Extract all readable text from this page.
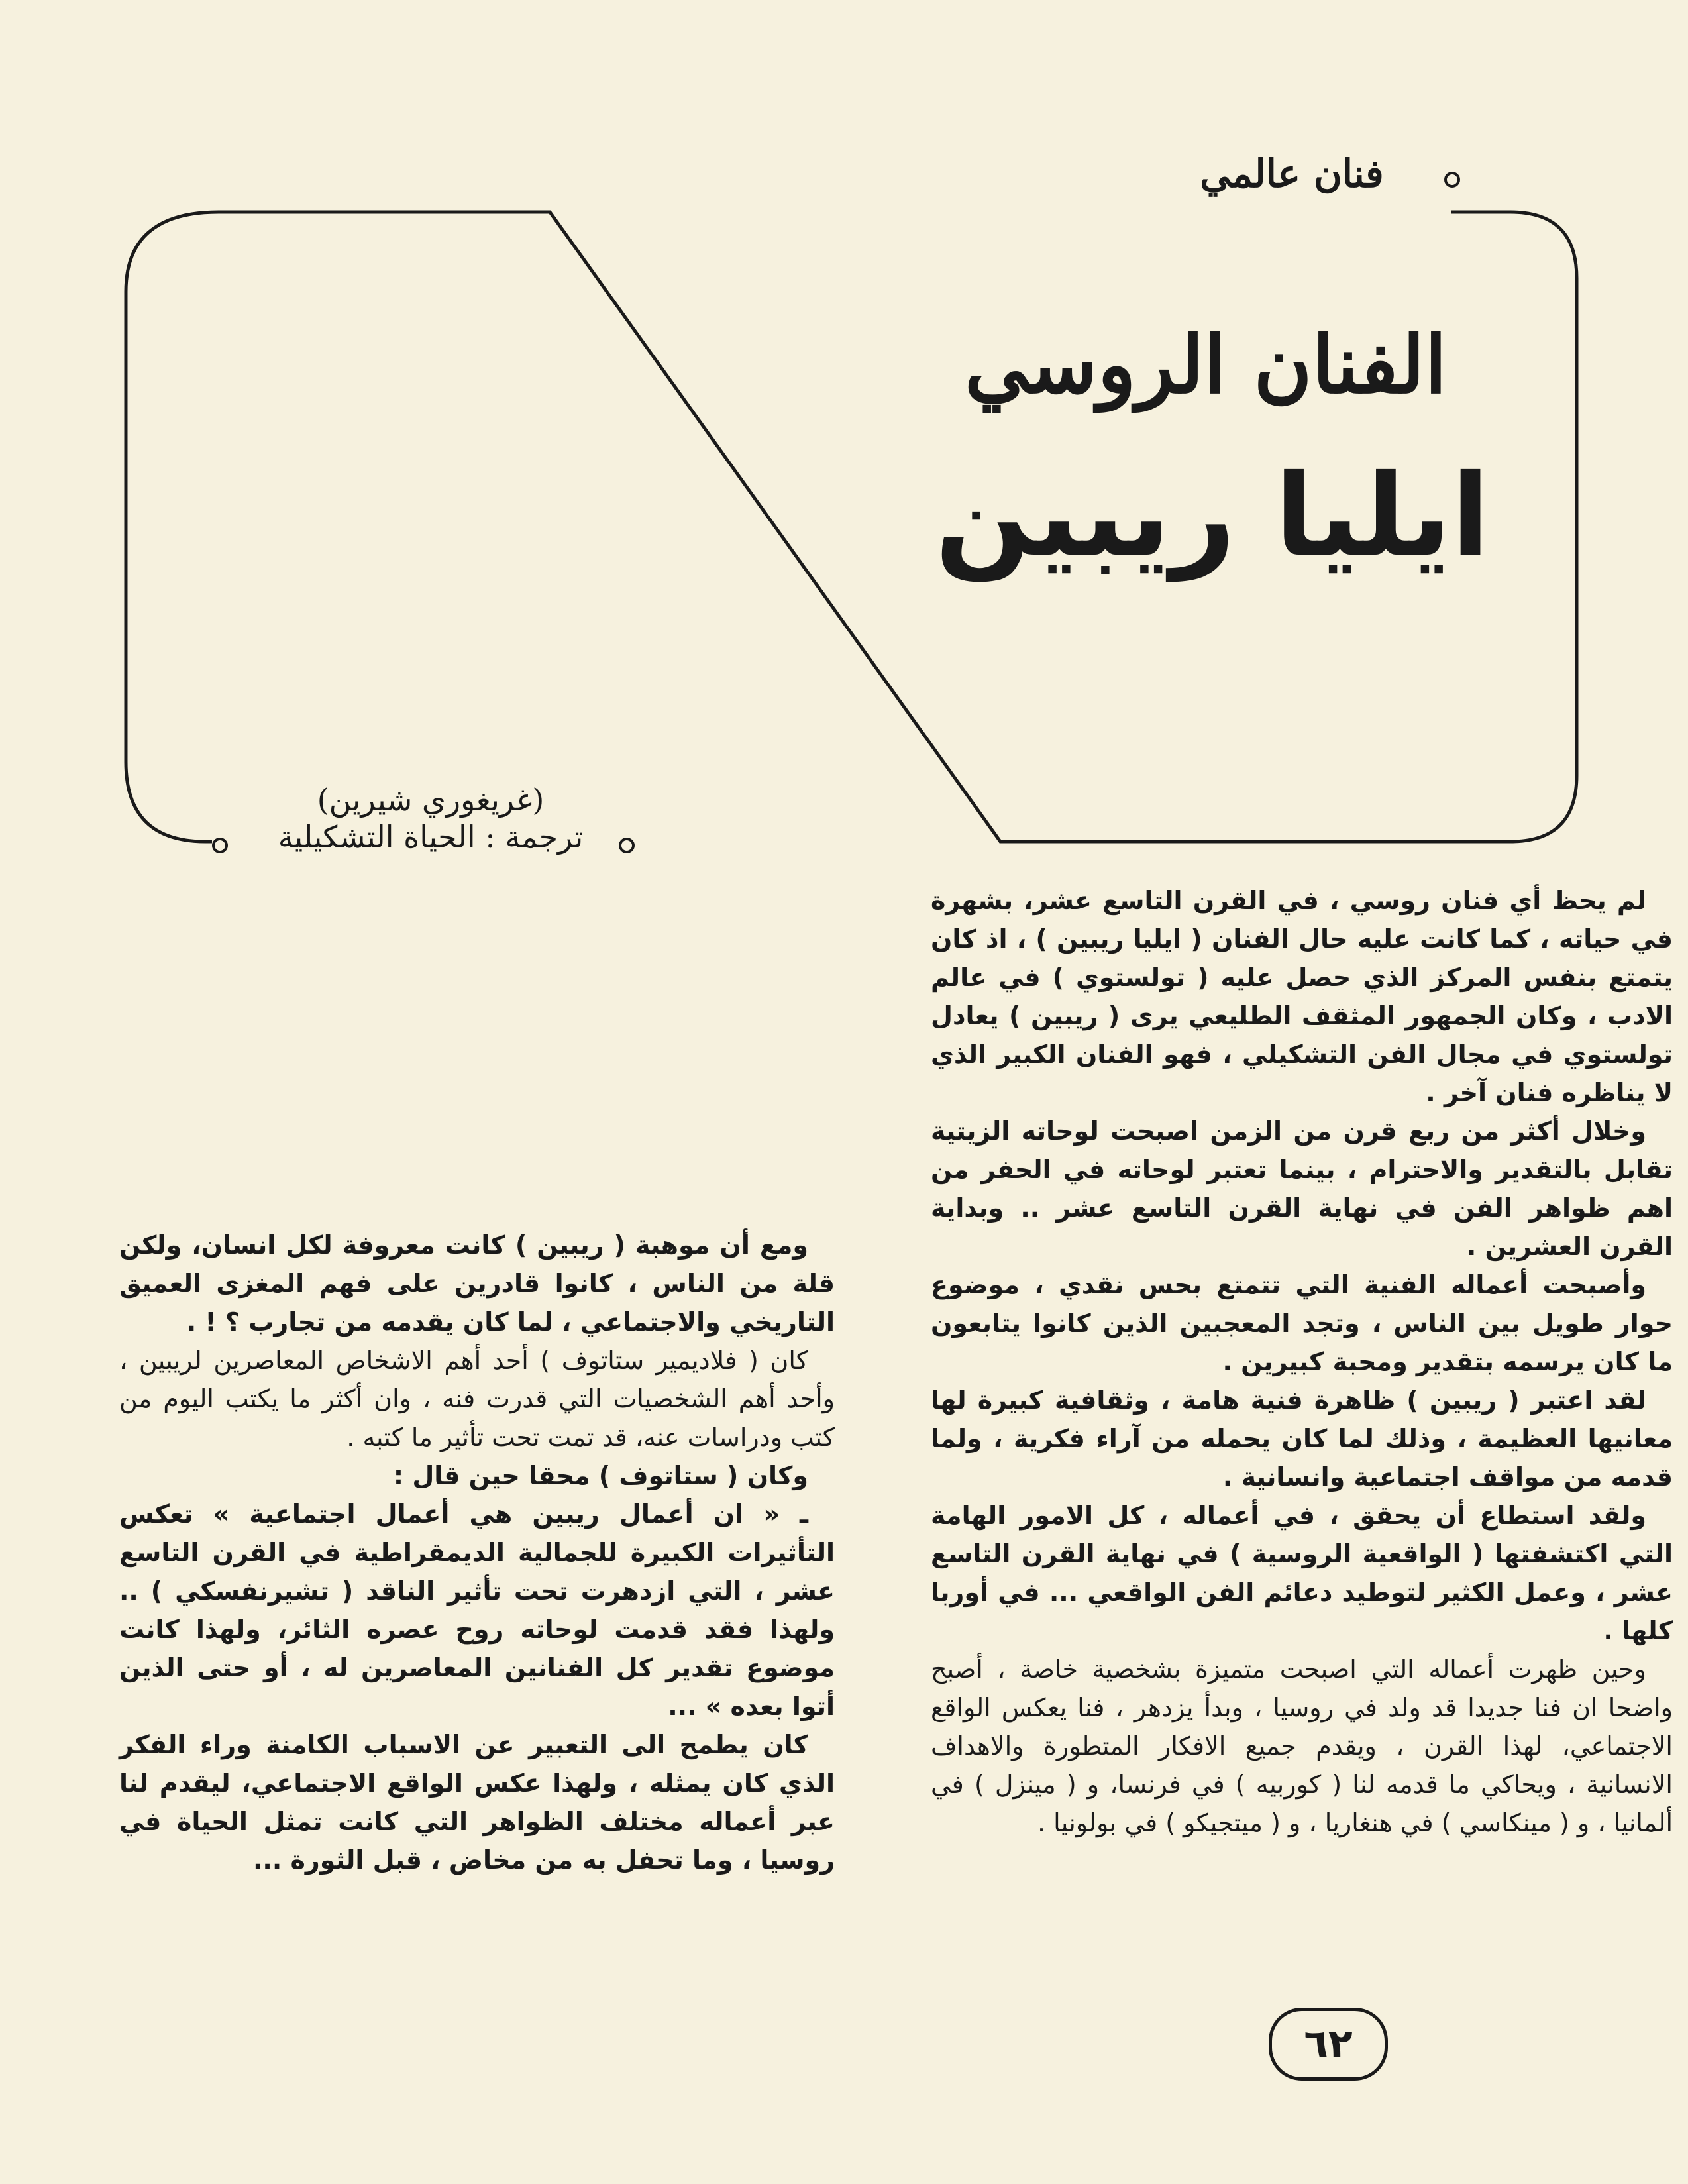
فنان عالمي
الفنان الروسي
ايليا ريبين
(غريغوري شيرين)
ترجمة : الحياة التشكيلية

لم يحظ أي فنان روسي ، في القرن التاسع عشر، بشهرة في حياته ، كما كانت عليه حال الفنان ( ايليا ريبين ) ، اذ كان يتمتع بنفس المركز الذي حصل عليه ( تولستوي ) في عالم الادب ، وكان الجمهور المثقف الطليعي يرى ( ريبين ) يعادل تولستوي في مجال الفن التشكيلي ، فهو الفنان الكبير الذي لا يناظره فنان آخر .

وخلال أكثر من ربع قرن من الزمن اصبحت لوحاته الزيتية تقابل بالتقدير والاحترام ، بينما تعتبر لوحاته في الحفر من اهم ظواهر الفن في نهاية القرن التاسع عشر .. وبداية القرن العشرين .

وأصبحت أعماله الفنية التي تتمتع بحس نقدي ، موضوع حوار طويل بين الناس ، وتجد المعجبين الذين كانوا يتابعون ما كان يرسمه بتقدير ومحبة كبيرين .

لقد اعتبر ( ريبين ) ظاهرة فنية هامة ، وثقافية كبيرة لها معانيها العظيمة ، وذلك لما كان يحمله من آراء فكرية ، ولما قدمه من مواقف اجتماعية وانسانية .

ولقد استطاع أن يحقق ، في أعماله ، كل الامور الهامة التي اكتشفتها ( الواقعية الروسية ) في نهاية القرن التاسع عشر ، وعمل الكثير لتوطيد دعائم الفن الواقعي ... في أوربا كلها .

وحين ظهرت أعماله التي اصبحت متميزة بشخصية خاصة ، أصبح واضحا ان فنا جديدا قد ولد في روسيا ، وبدأ يزدهر ، فنا يعكس الواقع الاجتماعي، لهذا القرن ، ويقدم جميع الافكار المتطورة والاهداف الانسانية ، ويحاكي ما قدمه لنا ( كوربيه ) في فرنسا، و ( مينزل ) في ألمانيا ، و ( مينكاسي ) في هنغاريا ، و ( ميتجيكو ) في بولونيا .

ومع أن موهبة ( ريبين ) كانت معروفة لكل انسان، ولكن قلة من الناس ، كانوا قادرين على فهم المغزى العميق التاريخي والاجتماعي ، لما كان يقدمه من تجارب ؟ ! .

كان ( فلاديمير ستاتوف ) أحد أهم الاشخاص المعاصرين لريبين ، وأحد أهم الشخصيات التي قدرت فنه ، وان أكثر ما يكتب اليوم من كتب ودراسات عنه، قد تمت تحت تأثير ما كتبه .

وكان ( ستاتوف ) محقا حين قال :

ـ « ان أعمال ريبين هي أعمال اجتماعية » تعكس التأثيرات الكبيرة للجمالية الديمقراطية في القرن التاسع عشر ، التي ازدهرت تحت تأثير الناقد ( تشيرنفسكي ) .. ولهذا فقد قدمت لوحاته روح عصره الثائر، ولهذا كانت موضوع تقدير كل الفنانين المعاصرين له ، أو حتى الذين أتوا بعده » ...

كان يطمح الى التعبير عن الاسباب الكامنة وراء الفكر الذي كان يمثله ، ولهذا عكس الواقع الاجتماعي، ليقدم لنا عبر أعماله مختلف الظواهر التي كانت تمثل الحياة في روسيا ، وما تحفل به من مخاض ، قبل الثورة ...

٦٢
